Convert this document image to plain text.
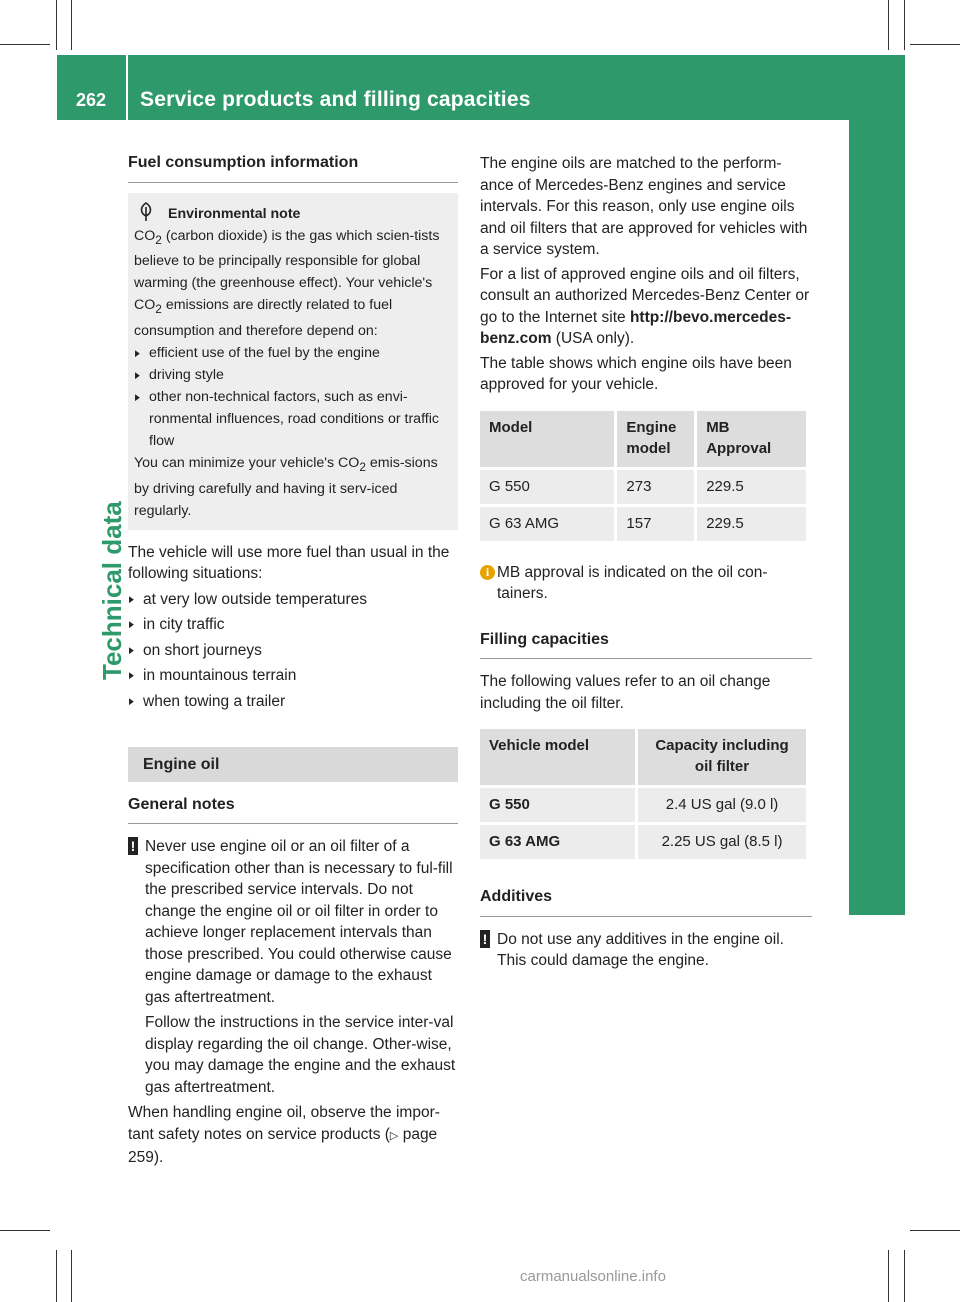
262 Service products and filling capacities
Technical data
Fuel consumption information
Environmental note

$CO_2$ (carbon dioxide) is the gas which scien-tists believe to be principally responsible for global warming (the greenhouse effect). Your vehicle's $CO_2$ emissions are directly related to fuel consumption and therefore depend on:

▶ efficient use of the fuel by the engine
▶ driving style
▶ other non-technical factors, such as envi-ronmental influences, road conditions or traffic flow

You can minimize your vehicle's $CO_2$ emis-sions by driving carefully and having it serv-iced regularly.

The vehicle will use more fuel than usual in the following situations:

▶ at very low outside temperatures
▶ in city traffic
▶ on short journeys
▶ in mountainous terrain
▶ when towing a trailer
Engine oil
General notes
! Never use engine oil or an oil filter of a specification other than is necessary to ful-fill the prescribed service intervals. Do not change the engine oil or oil filter in order to achieve longer replacement intervals than those prescribed. You could otherwise cause engine damage or damage to the exhaust gas aftertreatment.

Follow the instructions in the service inter-val display regarding the oil change. Other-wise, you may damage the engine and the exhaust gas aftertreatment.

When handling engine oil, observe the impor-tant safety notes on service products (▷ page 259).

The engine oils are matched to the perform-ance of Mercedes-Benz engines and service intervals. For this reason, only use engine oils and oil filters that are approved for vehicles with a service system.

For a list of approved engine oils and oil filters, consult an authorized Mercedes-Benz Center or go to the Internet site http://bevo.mercedes-benz.com (USA only).

The table shows which engine oils have been approved for your vehicle.

Model	Engine model	MB Approval
G 550	273	229.5
G 63 AMG	157	229.5
i MB approval is indicated on the oil con-tainers.

Filling capacities

The following values refer to an oil change including the oil filter.

Vehicle model	Capacity including oil filter
G 550	2.4 US gal (9.0 l)
G 63 AMG	2.25 US gal (8.5 l)
Additives
! Do not use any additives in the engine oil. This could damage the engine.

carmanualsonline.info
